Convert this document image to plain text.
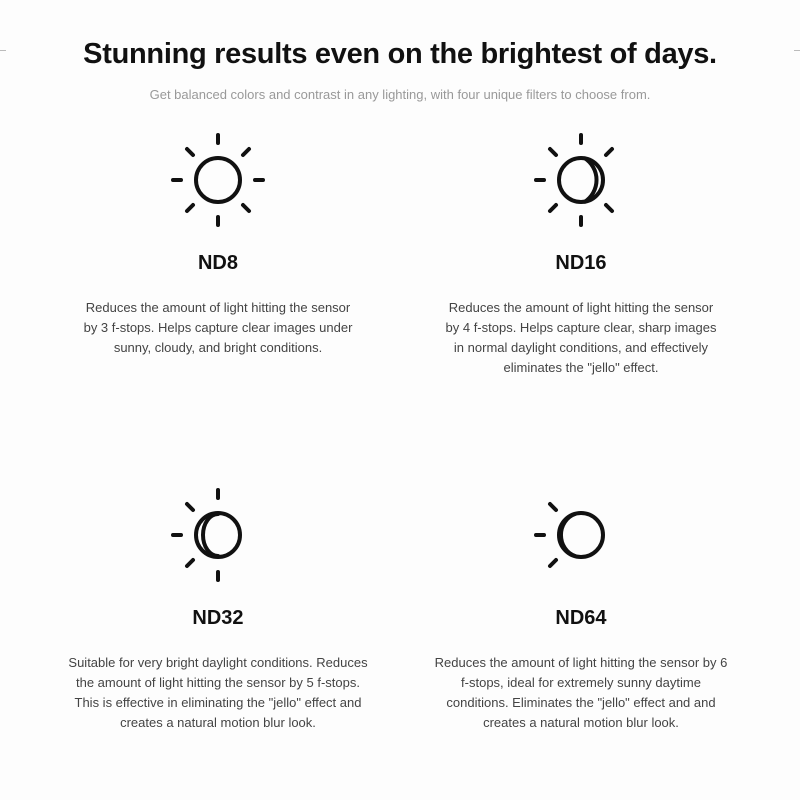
Stunning results even on the brightest of days.

Get balanced colors and contrast in any lighting, with four unique filters to choose from.

ND8

Reduces the amount of light hitting the sensor by 3 f-stops. Helps capture clear images under sunny, cloudy, and bright conditions.

ND16

Reduces the amount of light hitting the sensor by 4 f-stops. Helps capture clear, sharp images in normal daylight conditions, and effectively eliminates the "jello" effect.

ND32

Suitable for very bright daylight conditions. Reduces the amount of light hitting the sensor by 5 f-stops. This is effective in eliminating the "jello" effect and creates a natural motion blur look.

ND64

Reduces the amount of light hitting the sensor by 6 f-stops, ideal for extremely sunny daytime conditions. Eliminates the "jello" effect and and creates a natural motion blur look.
